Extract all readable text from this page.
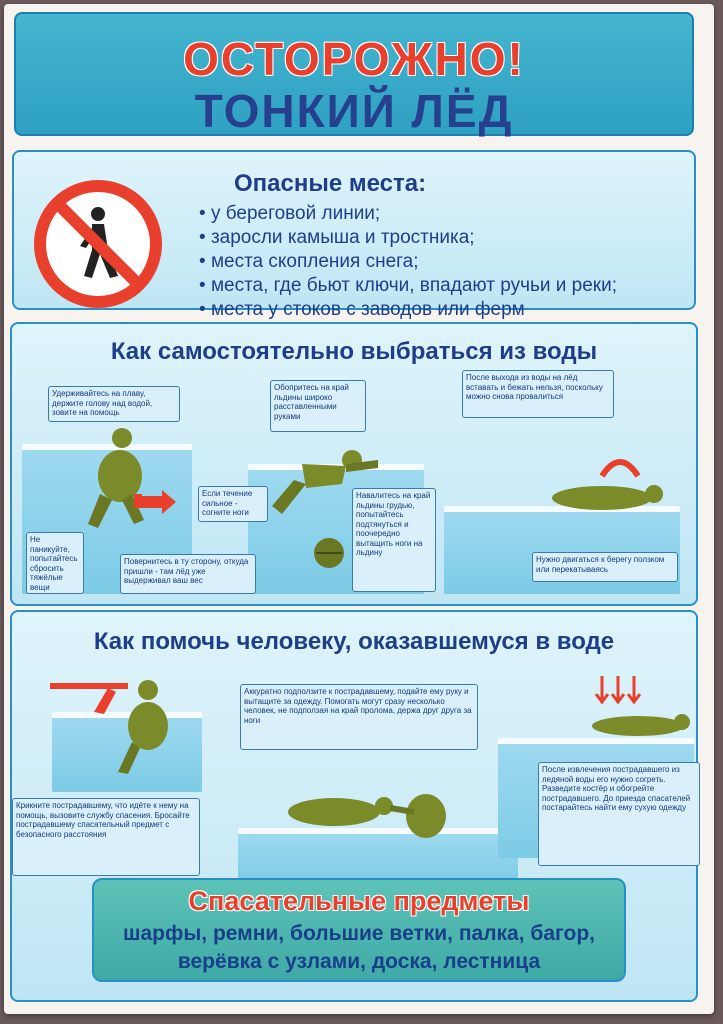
ОСТОРОЖНО!
ТОНКИЙ ЛЁД
Опасные места:
• у береговой линии;
• заросли камыша и тростника;
• места скопления снега;
• места, где бьют ключи, впадают ручьи и реки;
• места у стоков с заводов или ферм
Как самостоятельно выбраться из воды
Удерживайтесь на плаву, держите голову над водой, зовите на помощь
Не паникуйте, попытайтесь сбросить тяжёлые вещи
Повернитесь в ту сторону, откуда пришли - там лёд уже выдерживал ваш вес
Обопритесь на край льдины широко расставленными руками
Если течение сильное - согните ноги
Навалитесь на край льдины грудью, попытайтесь подтянуться и поочередно вытащить ноги на льдину
После выхода из воды на лёд вставать и бежать нельзя, поскольку можно снова провалиться
Нужно двигаться к берегу ползком или перекатываясь
Как помочь человеку, оказавшемуся в воде
Крикните пострадавшему, что идёте к нему на помощь, вызовите службу спасения. Бросайте пострадавшему спасательный предмет с безопасного расстояния
Аккуратно подползите к пострадавшему, подайте ему руку и вытащите за одежду. Помогать могут сразу несколько человек, не подползая на край пролома, держа друг друга за ноги
После извлечения пострадавшего из ледяной воды его нужно согреть. Разведите костёр и обогрейте пострадавшего. До приезда спасателей постарайтесь найти ему сухую одежду
Спасательные предметы
шарфы, ремни, большие ветки, палка, багор,
верёвка с узлами, доска, лестница
